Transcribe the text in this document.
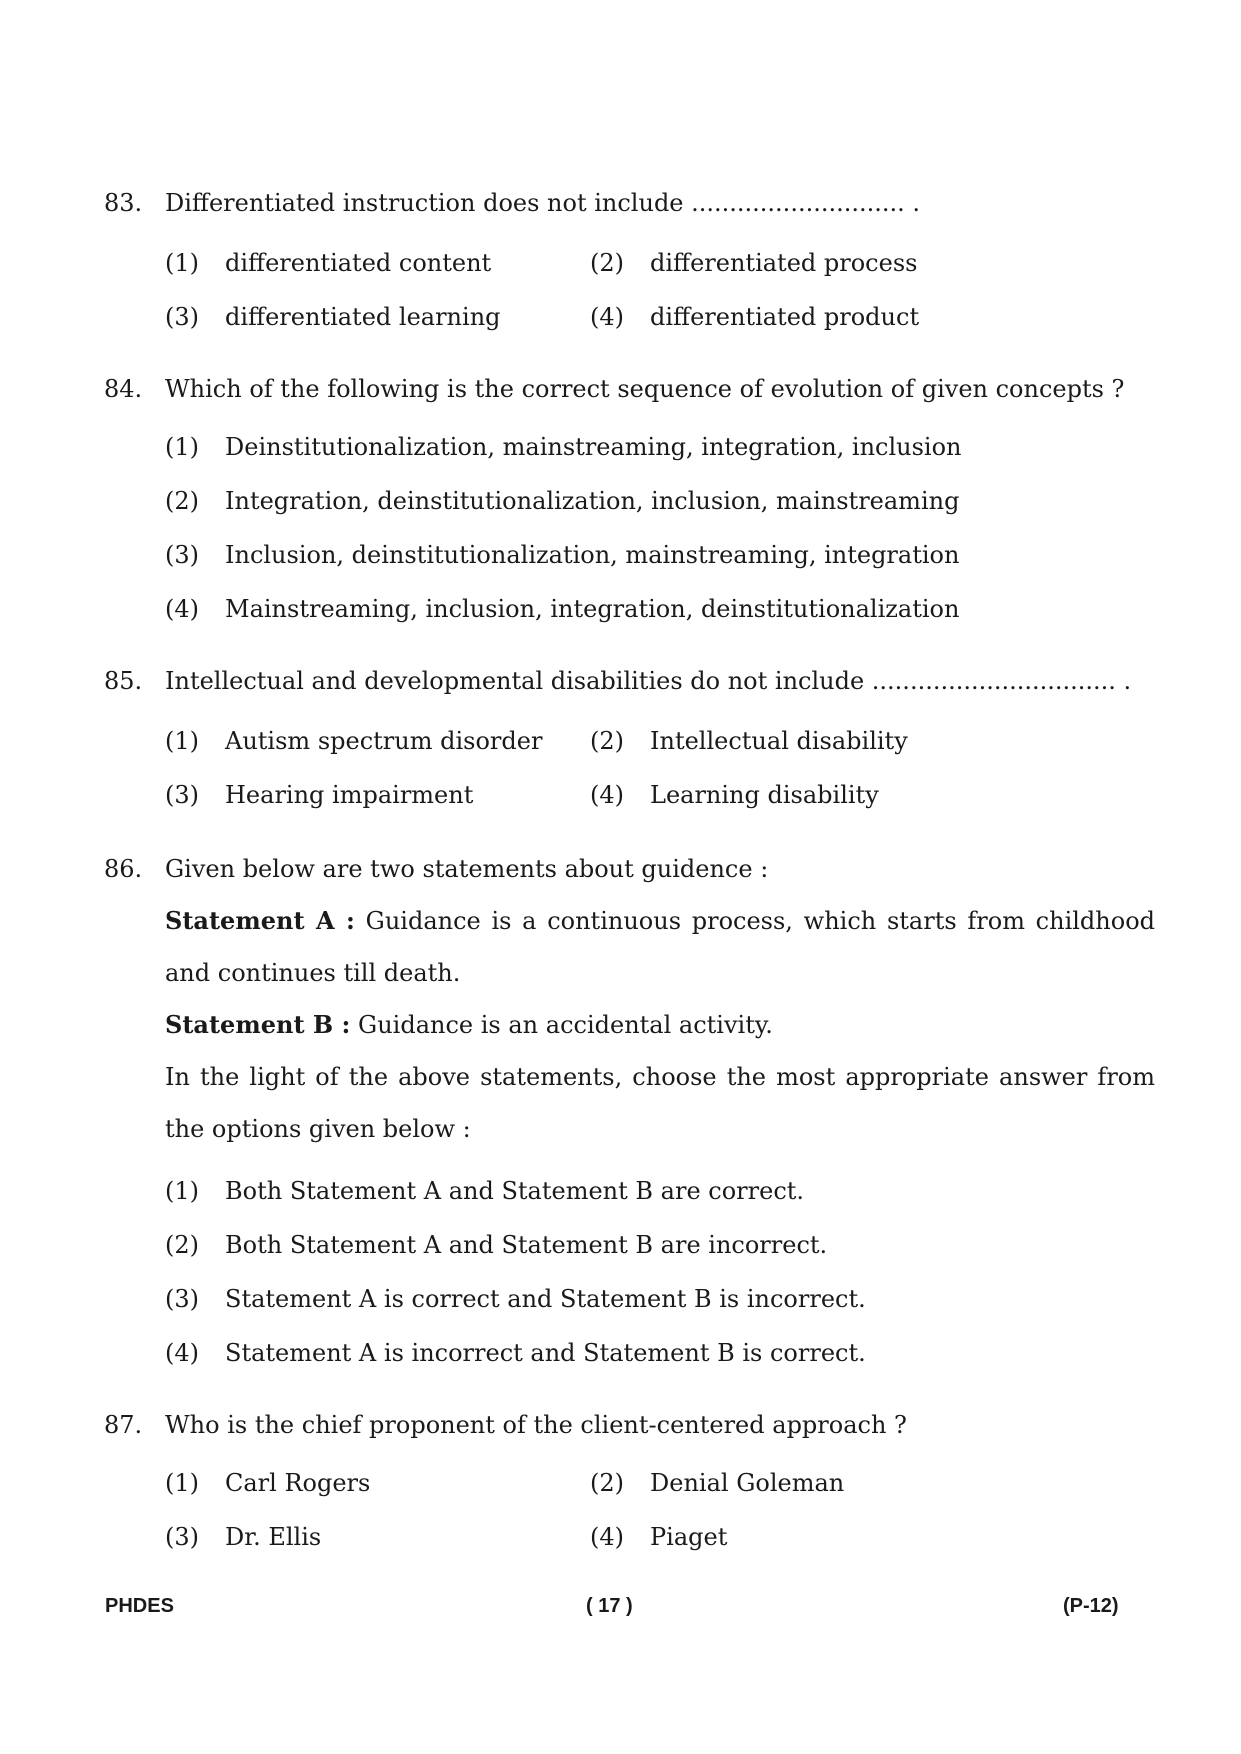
83. Differentiated instruction does not include ............................ .
(1) differentiated content	(2) differentiated process
(3) differentiated learning	(4) differentiated product
84. Which of the following is the correct sequence of evolution of given concepts ?
(1) Deinstitutionalization, mainstreaming, integration, inclusion
(2) Integration, deinstitutionalization, inclusion, mainstreaming
(3) Inclusion, deinstitutionalization, mainstreaming, integration
(4) Mainstreaming, inclusion, integration, deinstitutionalization
85. Intellectual and developmental disabilities do not include ................................ .
(1) Autism spectrum disorder (2) Intellectual disability
(3) Hearing impairment	(4) Learning disability
86. Given below are two statements about guidence :
Statement A : Guidance is a continuous process, which starts from childhood and continues till death.
Statement B : Guidance is an accidental activity.
In the light of the above statements, choose the most appropriate answer from the options given below :
(1) Both Statement A and Statement B are correct.
(2) Both Statement A and Statement B are incorrect.
(3) Statement A is correct and Statement B is incorrect.
(4) Statement A is incorrect and Statement B is correct.
87. Who is the chief proponent of the client-centered approach ?
(1) Carl Rogers	(2) Denial Goleman
(3) Dr. Ellis	(4) Piaget
PHDES	( 17 )	(P-12)
